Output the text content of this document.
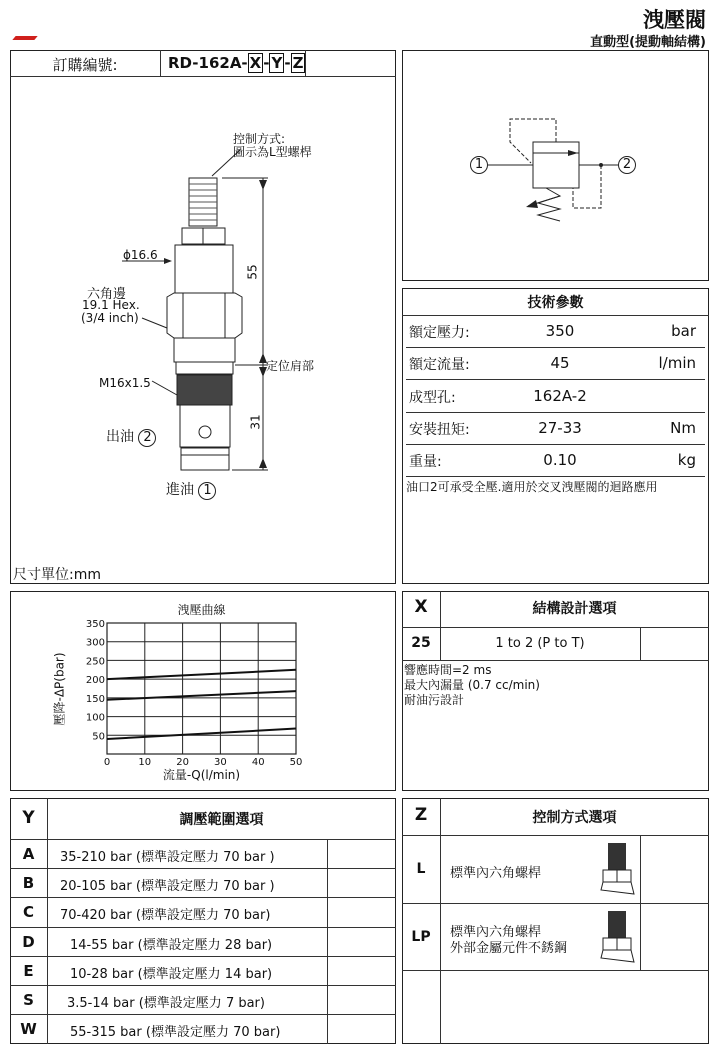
洩壓閥
直動型(提動軸結構)
訂購編號:	RD-162A- X - Y - Z
控制方式:
圖示為L型螺桿
ϕ16.6
六角邊
19.1 Hex.
(3/4 inch)
M16x1.5
55
31
定位肩部
出油 2
進油 1
尺寸單位:mm
1	2
技術參數
額定壓力:	350	bar
額定流量:	45	l/min
成型孔:	162A-2
安裝扭矩:	27-33	Nm
重量:	0.10	kg
油口2可承受全壓.適用於交叉洩壓閥的迴路應用
洩壓曲線
壓降-ΔP(bar)
流量-Q(l/min)
50
100
150
200
250
300
350
0	10	20	30	40	50
X	結構設計選項
25	1 to 2 (P to T)
響應時間=2 ms
最大內漏量 (0.7 cc/min)
耐油污設計
Y	調壓範圍選項
A	35-210 bar (標準設定壓力 70 bar )
B	20-105 bar (標準設定壓力 70 bar )
C	70-420 bar (標準設定壓力 70 bar)
D	14-55 bar (標準設定壓力 28 bar)
E	10-28 bar (標準設定壓力 14 bar)
S	3.5-14 bar (標準設定壓力 7 bar)
W	55-315 bar (標準設定壓力 70 bar)
Z	控制方式選項
L	標準內六角螺桿
LP	標準內六角螺桿
外部金屬元件不銹鋼
